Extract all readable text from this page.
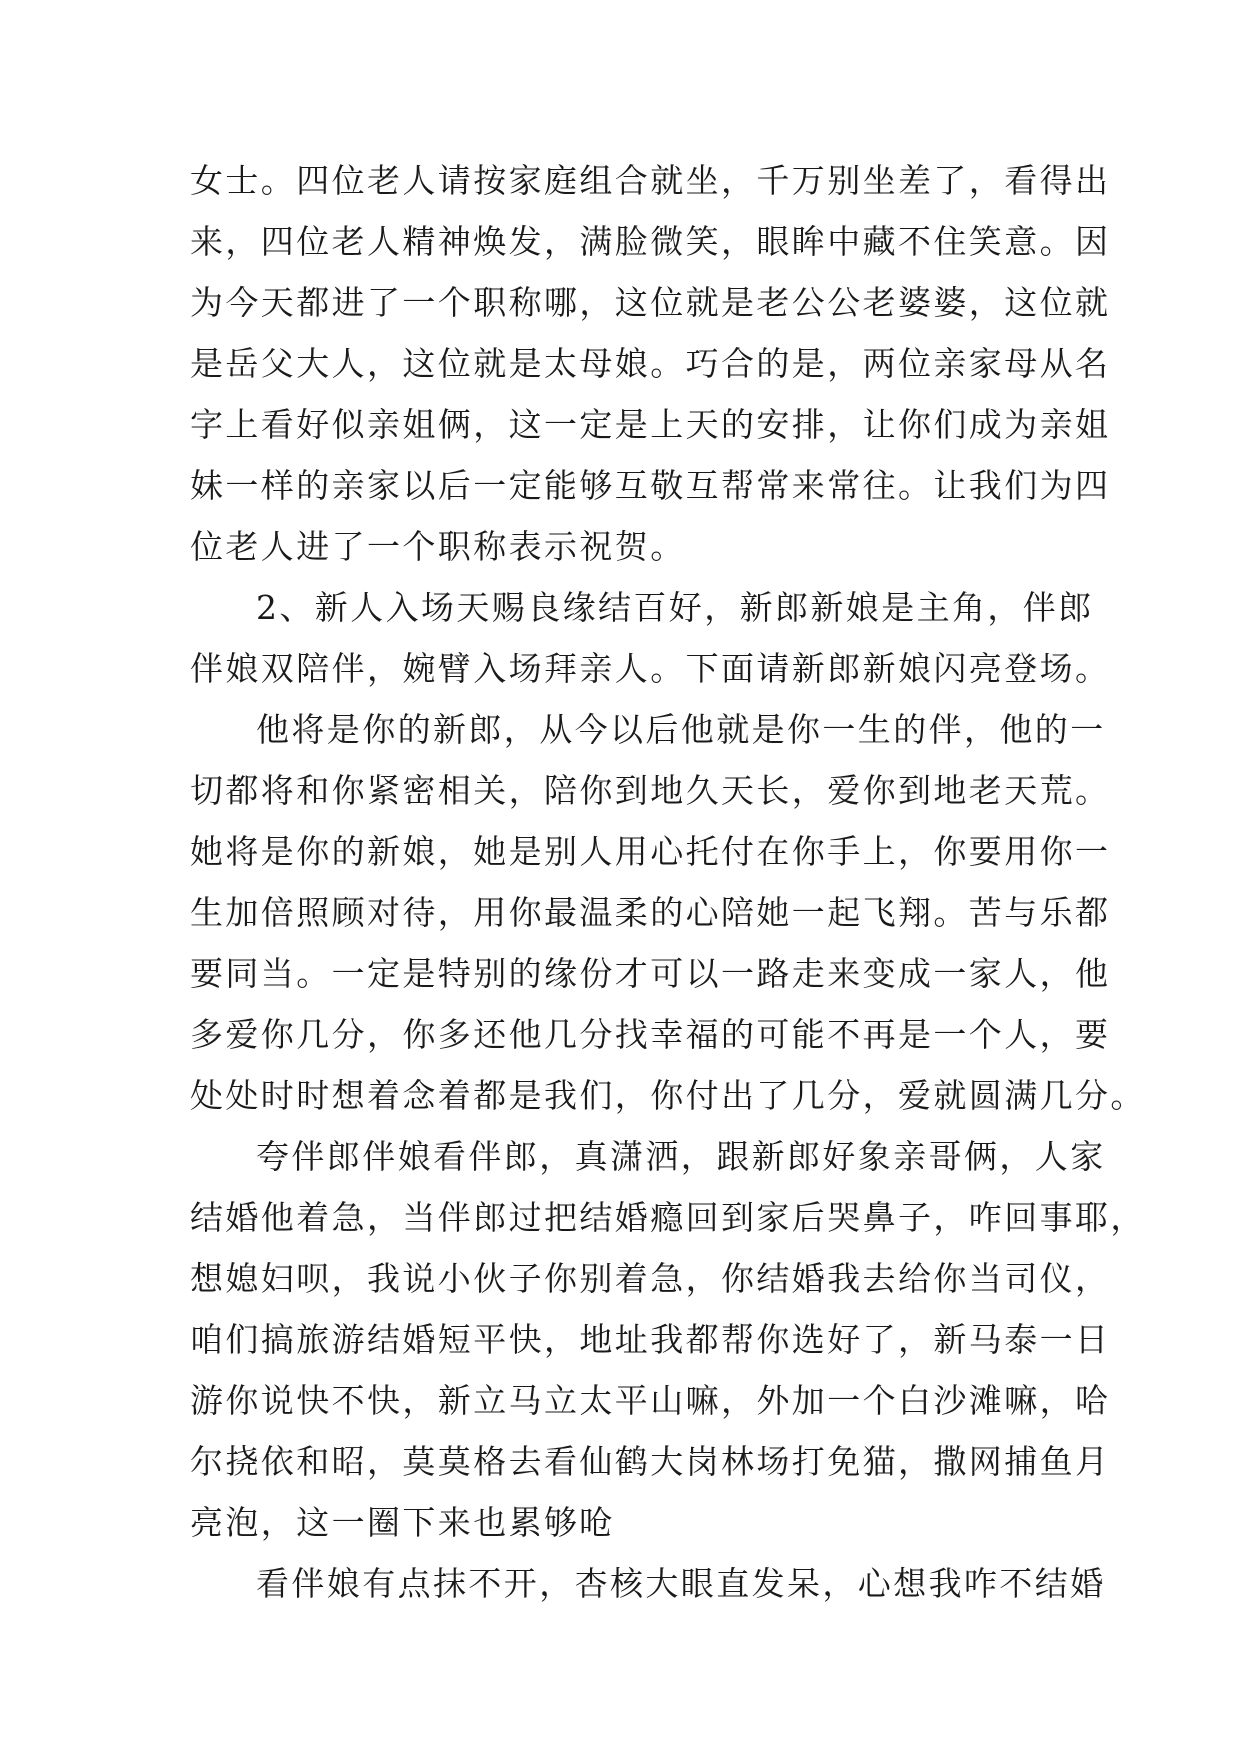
女士。四位老人请按家庭组合就坐，千万别坐差了，看得出
来，四位老人精神焕发，满脸微笑，眼眸中藏不住笑意。因
为今天都进了一个职称哪，这位就是老公公老婆婆，这位就
是岳父大人，这位就是太母娘。巧合的是，两位亲家母从名
字上看好似亲姐俩，这一定是上天的安排，让你们成为亲姐
妹一样的亲家以后一定能够互敬互帮常来常往。让我们为四
位老人进了一个职称表示祝贺。
2、新人入场天赐良缘结百好，新郎新娘是主角，伴郎
伴娘双陪伴，婉臂入场拜亲人。下面请新郎新娘闪亮登场。
他将是你的新郎，从今以后他就是你一生的伴，他的一
切都将和你紧密相关，陪你到地久天长，爱你到地老天荒。
她将是你的新娘，她是别人用心托付在你手上，你要用你一
生加倍照顾对待，用你最温柔的心陪她一起飞翔。苦与乐都
要同当。一定是特别的缘份才可以一路走来变成一家人，他
多爱你几分，你多还他几分找幸福的可能不再是一个人，要
处处时时想着念着都是我们，你付出了几分，爱就圆满几分。
夸伴郎伴娘看伴郎，真潇洒，跟新郎好象亲哥俩，人家
结婚他着急，当伴郎过把结婚瘾回到家后哭鼻子，咋回事耶，
想媳妇呗，我说小伙子你别着急，你结婚我去给你当司仪，
咱们搞旅游结婚短平快，地址我都帮你选好了，新马泰一日
游你说快不快，新立马立太平山嘛，外加一个白沙滩嘛，哈
尔挠依和昭，莫莫格去看仙鹤大岗林场打免猫，撒网捕鱼月
亮泡，这一圈下来也累够呛
看伴娘有点抹不开，杏核大眼直发呆，心想我咋不结婚
